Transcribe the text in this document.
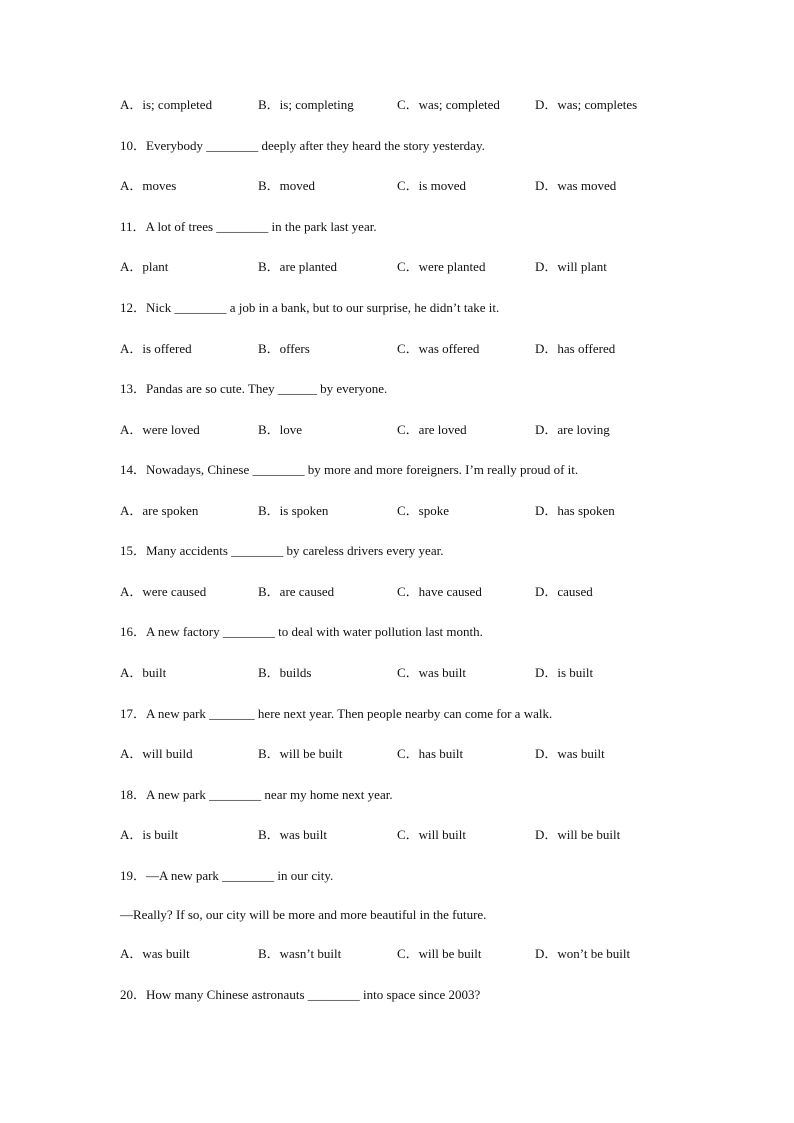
A．is; completed	B．is; completing	C．was; completed	D．was; completes
10．Everybody ________ deeply after they heard the story yesterday.
A．moves	B．moved	C．is moved	D．was moved
11．A lot of trees ________ in the park last year.
A．plant	B．are planted	C．were planted	D．will plant
12．Nick ________ a job in a bank, but to our surprise, he didn’t take it.
A．is offered	B．offers	C．was offered	D．has offered
13．Pandas are so cute. They ______ by everyone.
A．were loved	B．love	C．are loved	D．are loving
14．Nowadays, Chinese ________ by more and more foreigners. I’m really proud of it.
A．are spoken	B．is spoken	C．spoke	D．has spoken
15．Many accidents ________ by careless drivers every year.
A．were caused	B．are caused	C．have caused	D．caused
16．A new factory ________ to deal with water pollution last month.
A．built	B．builds	C．was built	D．is built
17．A new park _______ here next year. Then people nearby can come for a walk.
A．will build	B．will be built	C．has built	D．was built
18．A new park ________ near my home next year.
A．is built	B．was built	C．will built	D．will be built
19．—A new park ________ in our city.
—Really? If so, our city will be more and more beautiful in the future.
A．was built	B．wasn’t built	C．will be built	D．won’t be built
20．How many Chinese astronauts ________ into space since 2003?
